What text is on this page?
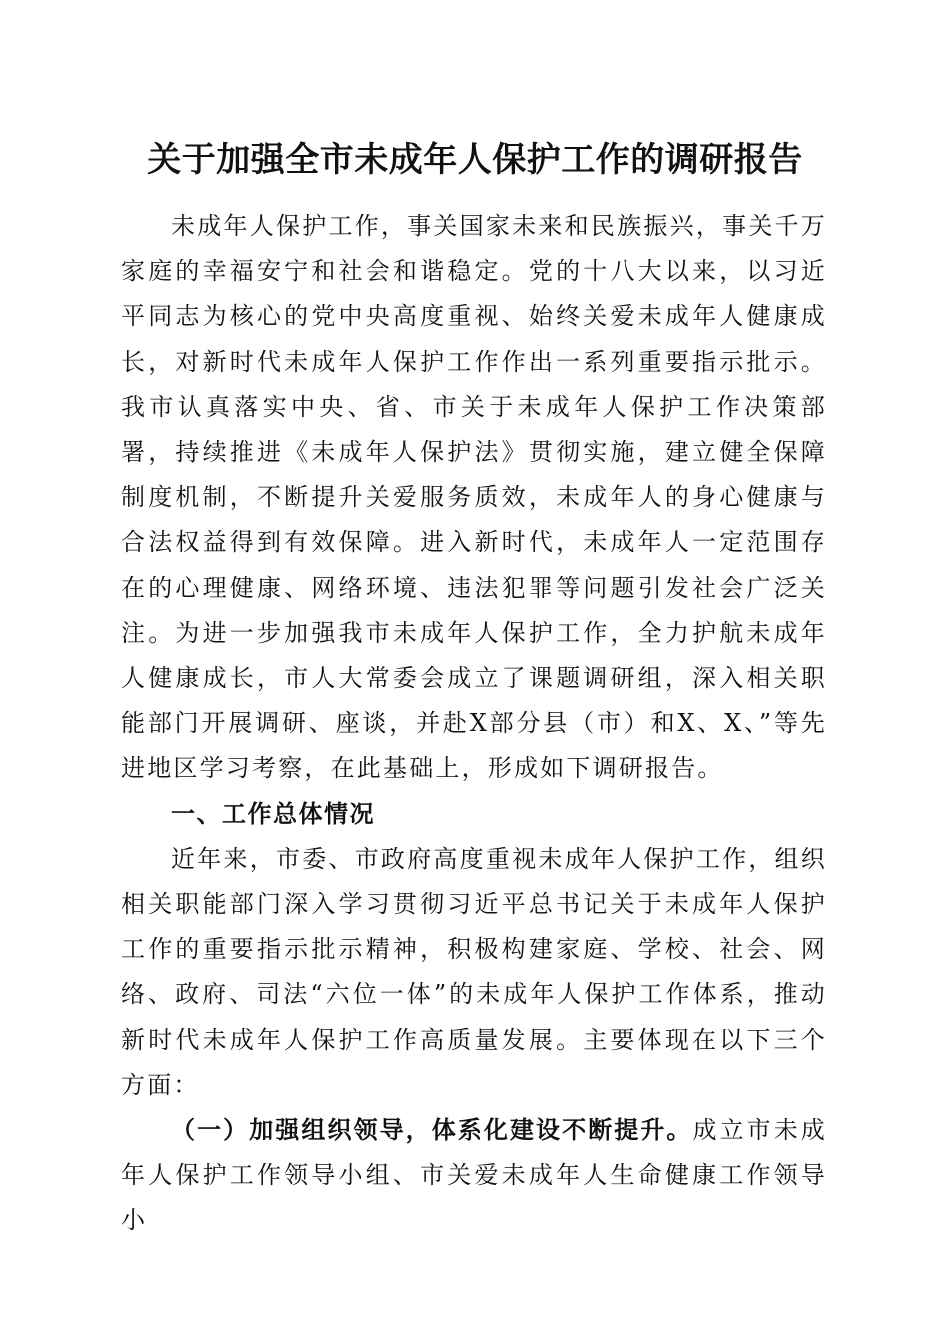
关于加强全市未成年人保护工作的调研报告

未成年人保护工作，事关国家未来和民族振兴，事关千万家庭的幸福安宁和社会和谐稳定。党的十八大以来，以习近平同志为核心的党中央高度重视、始终关爱未成年人健康成长，对新时代未成年人保护工作作出一系列重要指示批示。我市认真落实中央、省、市关于未成年人保护工作决策部署，持续推进《未成年人保护法》贯彻实施，建立健全保障制度机制，不断提升关爱服务质效，未成年人的身心健康与合法权益得到有效保障。进入新时代，未成年人一定范围存在的心理健康、网络环境、违法犯罪等问题引发社会广泛关注。为进一步加强我市未成年人保护工作，全力护航未成年人健康成长，市人大常委会成立了课题调研组，深入相关职能部门开展调研、座谈，并赴X部分县（市）和X、X、”等先进地区学习考察，在此基础上，形成如下调研报告。

一、工作总体情况

近年来，市委、市政府高度重视未成年人保护工作，组织相关职能部门深入学习贯彻习近平总书记关于未成年人保护工作的重要指示批示精神，积极构建家庭、学校、社会、网络、政府、司法“六位一体”的未成年人保护工作体系，推动新时代未成年人保护工作高质量发展。主要体现在以下三个方面：

（一）加强组织领导，体系化建设不断提升。成立市未成年人保护工作领导小组、市关爱未成年人生命健康工作领导小
